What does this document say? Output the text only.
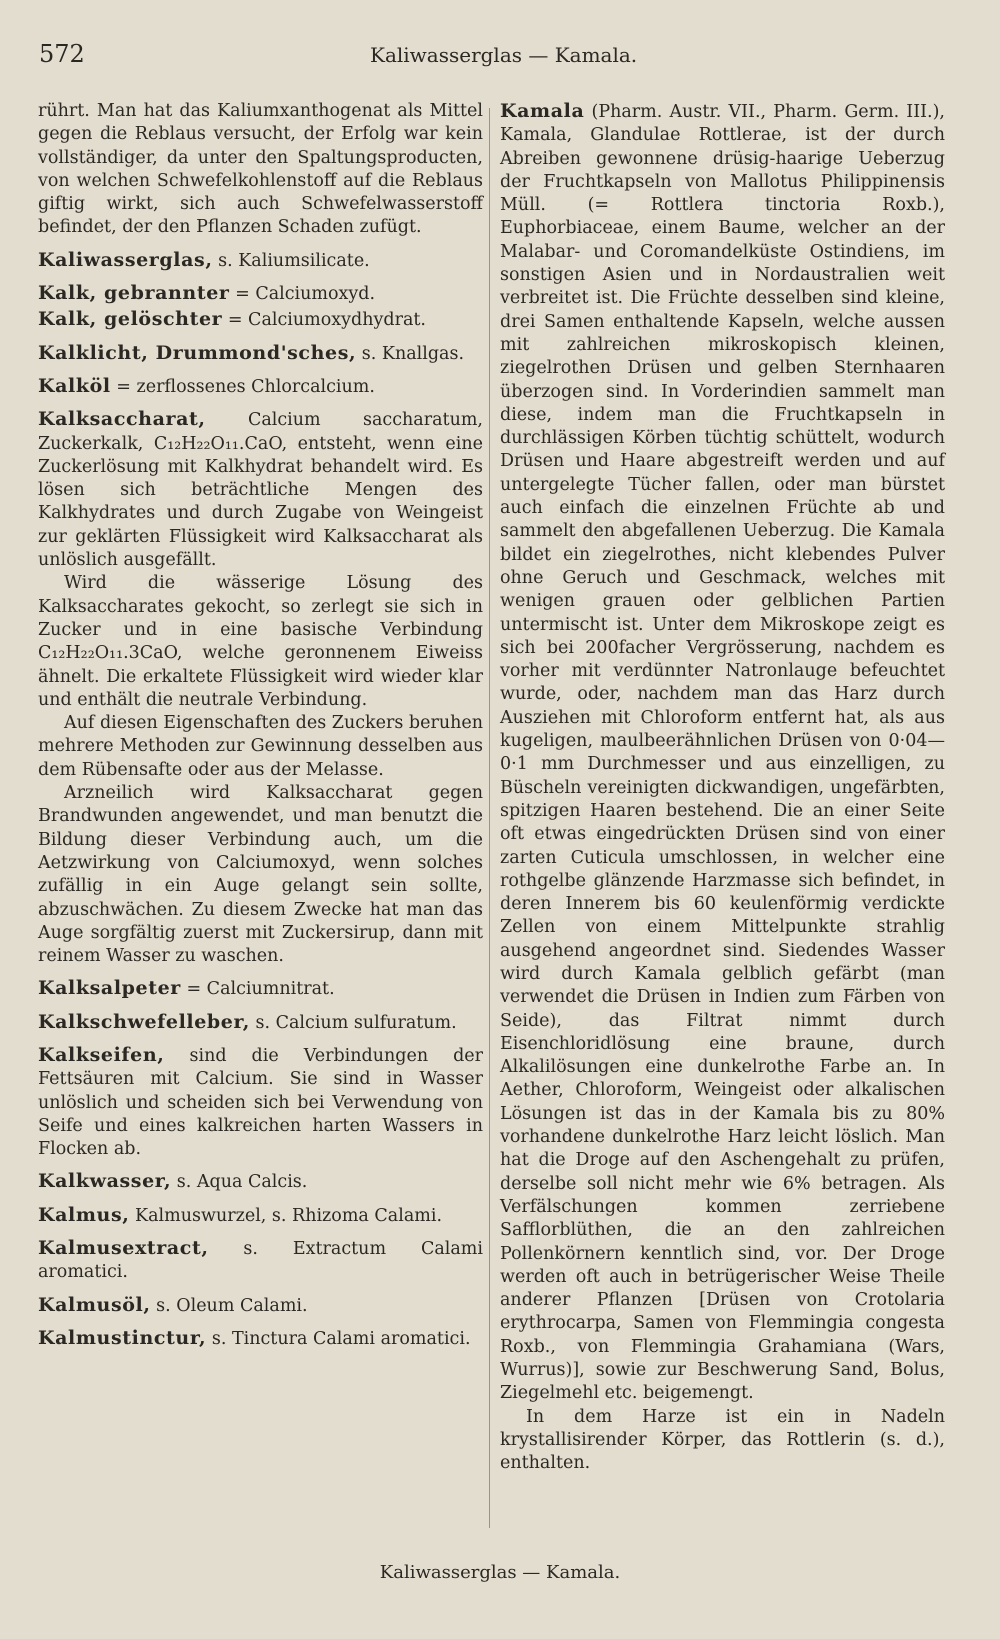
572	Kaliwasserglas — Kamala.

rührt. Man hat das Kaliumxanthogenat als Mittel gegen die Reblaus versucht, der Erfolg war kein vollständiger, da unter den Spaltungsproducten, von welchen Schwefelkohlenstoff auf die Reblaus giftig wirkt, sich auch Schwefelwasserstoff befindet, der den Pflanzen Schaden zufügt.

Kaliwasserglas, s. Kaliumsilicate.
Kalk, gebrannter = Calciumoxyd.
Kalk, gelöschter = Calciumoxydhydrat.
Kalklicht, Drummond'sches, s. Knallgas.
Kalköl = zerflossenes Chlorcalcium.

Kalksaccharat, Calcium saccharatum, Zuckerkalk, C₁₂H₂₂O₁₁.CaO, entsteht, wenn eine Zuckerlösung mit Kalkhydrat behandelt wird. Es lösen sich beträchtliche Mengen des Kalkhydrates und durch Zugabe von Weingeist zur geklärten Flüssigkeit wird Kalksaccharat als unlöslich ausgefällt.

Wird die wässerige Lösung des Kalksaccharates gekocht, so zerlegt sie sich in Zucker und in eine basische Verbindung C₁₂H₂₂O₁₁.3CaO, welche geronnenem Eiweiss ähnelt. Die erkaltete Flüssigkeit wird wieder klar und enthält die neutrale Verbindung.

Auf diesen Eigenschaften des Zuckers beruhen mehrere Methoden zur Gewinnung desselben aus dem Rübensafte oder aus der Melasse.

Arzneilich wird Kalksaccharat gegen Brandwunden angewendet, und man benutzt die Bildung dieser Verbindung auch, um die Aetzwirkung von Calciumoxyd, wenn solches zufällig in ein Auge gelangt sein sollte, abzuschwächen. Zu diesem Zwecke hat man das Auge sorgfältig zuerst mit Zuckersirup, dann mit reinem Wasser zu waschen.

Kalksalpeter = Calciumnitrat.
Kalkschwefelleber, s. Calcium sulfuratum.
Kalkseifen, sind die Verbindungen der Fettsäuren mit Calcium. Sie sind in Wasser unlöslich und scheiden sich bei Verwendung von Seife und eines kalkreichen harten Wassers in Flocken ab.
Kalkwasser, s. Aqua Calcis.
Kalmus, Kalmuswurzel, s. Rhizoma Calami.
Kalmusextract, s. Extractum Calami aromatici.
Kalmusöl, s. Oleum Calami.
Kalmustinctur, s. Tinctura Calami aromatici.

Kamala (Pharm. Austr. VII., Pharm. Germ. III.), Kamala, Glandulae Rottlerae, ist der durch Abreiben gewonnene drüsig-haarige Ueberzug der Fruchtkapseln von Mallotus Philippinensis Müll. (= Rottlera tinctoria Roxb.), Euphorbiaceae, einem Baume, welcher an der Malabar- und Coromandelküste Ostindiens, im sonstigen Asien und in Nordaustralien weit verbreitet ist. Die Früchte desselben sind kleine, drei Samen enthaltende Kapseln, welche aussen mit zahlreichen mikroskopisch kleinen, ziegelrothen Drüsen und gelben Sternhaaren überzogen sind. In Vorderindien sammelt man diese, indem man die Fruchtkapseln in durchlässigen Körben tüchtig schüttelt, wodurch Drüsen und Haare abgestreift werden und auf untergelegte Tücher fallen, oder man bürstet auch einfach die einzelnen Früchte ab und sammelt den abgefallenen Ueberzug. Die Kamala bildet ein ziegelrothes, nicht klebendes Pulver ohne Geruch und Geschmack, welches mit wenigen grauen oder gelblichen Partien untermischt ist. Unter dem Mikroskope zeigt es sich bei 200facher Vergrösserung, nachdem es vorher mit verdünnter Natronlauge befeuchtet wurde, oder, nachdem man das Harz durch Ausziehen mit Chloroform entfernt hat, als aus kugeligen, maulbeerähnlichen Drüsen von 0·04—0·1 mm Durchmesser und aus einzelligen, zu Büscheln vereinigten dickwandigen, ungefärbten, spitzigen Haaren bestehend. Die an einer Seite oft etwas eingedrückten Drüsen sind von einer zarten Cuticula umschlossen, in welcher eine rothgelbe glänzende Harzmasse sich befindet, in deren Innerem bis 60 keulenförmig verdickte Zellen von einem Mittelpunkte strahlig ausgehend angeordnet sind. Siedendes Wasser wird durch Kamala gelblich gefärbt (man verwendet die Drüsen in Indien zum Färben von Seide), das Filtrat nimmt durch Eisenchloridlösung eine braune, durch Alkalilösungen eine dunkelrothe Farbe an. In Aether, Chloroform, Weingeist oder alkalischen Lösungen ist das in der Kamala bis zu 80% vorhandene dunkelrothe Harz leicht löslich. Man hat die Droge auf den Aschengehalt zu prüfen, derselbe soll nicht mehr wie 6% betragen. Als Verfälschungen kommen zerriebene Safflorblüthen, die an den zahlreichen Pollenkörnern kenntlich sind, vor. Der Droge werden oft auch in betrügerischer Weise Theile anderer Pflanzen [Drüsen von Crotolaria erythrocarpa, Samen von Flemmingia congesta Roxb., von Flemmingia Grahamiana (Wars, Wurrus)], sowie zur Beschwerung Sand, Bolus, Ziegelmehl etc. beigemengt.

In dem Harze ist ein in Nadeln krystallisirender Körper, das Rottlerin (s. d.), enthalten.

Kaliwasserglas — Kamala.
